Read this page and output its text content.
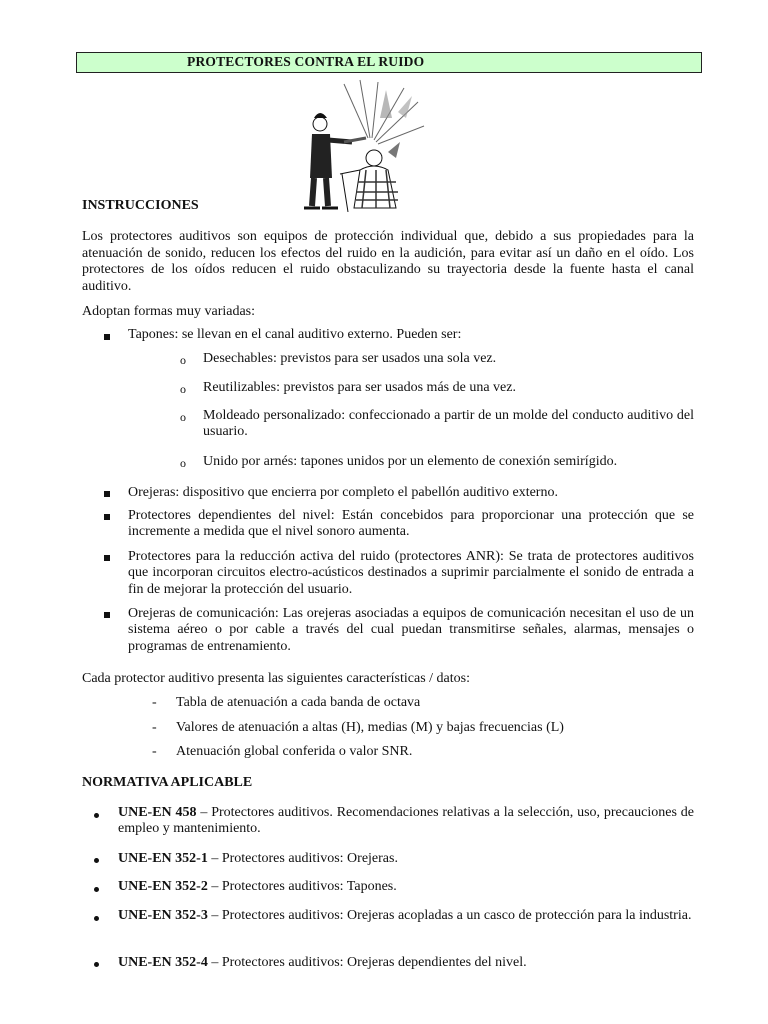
PROTECTORES CONTRA EL RUIDO
INSTRUCCIONES
Los protectores auditivos son equipos de protección individual que, debido a sus propiedades para la atenuación de sonido, reducen los efectos del ruido en la audición, para evitar así un daño en el oído. Los protectores de los oídos reducen el ruido obstaculizando su trayectoria desde la fuente hasta el canal auditivo.
Adoptan formas muy variadas:
Tapones: se llevan en el canal auditivo externo. Pueden ser:
o Desechables: previstos para ser usados una sola vez.
o Reutilizables: previstos para ser usados más de una vez.
o Moldeado personalizado: confeccionado a partir de un molde del conducto auditivo del usuario.
o Unido por arnés: tapones unidos por un elemento de conexión semirígido.
Orejeras: dispositivo que encierra por completo el pabellón auditivo externo.
Protectores dependientes del nivel: Están concebidos para proporcionar una protección que se incremente a medida que el nivel sonoro aumenta.
Protectores para la reducción activa del ruido (protectores ANR): Se trata de protectores auditivos que incorporan circuitos electro-acústicos destinados a suprimir parcialmente el sonido de entrada a fin de mejorar la protección del usuario.
Orejeras de comunicación: Las orejeras asociadas a equipos de comunicación necesitan el uso de un sistema aéreo o por cable a través del cual puedan transmitirse señales, alarmas, mensajes o programas de entrenamiento.
Cada protector auditivo presenta las siguientes características / datos:
- Tabla de atenuación a cada banda de octava
- Valores de atenuación a altas (H), medias (M) y bajas frecuencias (L)
- Atenuación global conferida o valor SNR.
NORMATIVA APLICABLE
UNE-EN 458 – Protectores auditivos. Recomendaciones relativas a la selección, uso, precauciones de empleo y mantenimiento.
UNE-EN 352-1 – Protectores auditivos: Orejeras.
UNE-EN 352-2 – Protectores auditivos: Tapones.
UNE-EN 352-3 – Protectores auditivos: Orejeras acopladas a un casco de protección para la industria.
UNE-EN 352-4 – Protectores auditivos: Orejeras dependientes del nivel.
